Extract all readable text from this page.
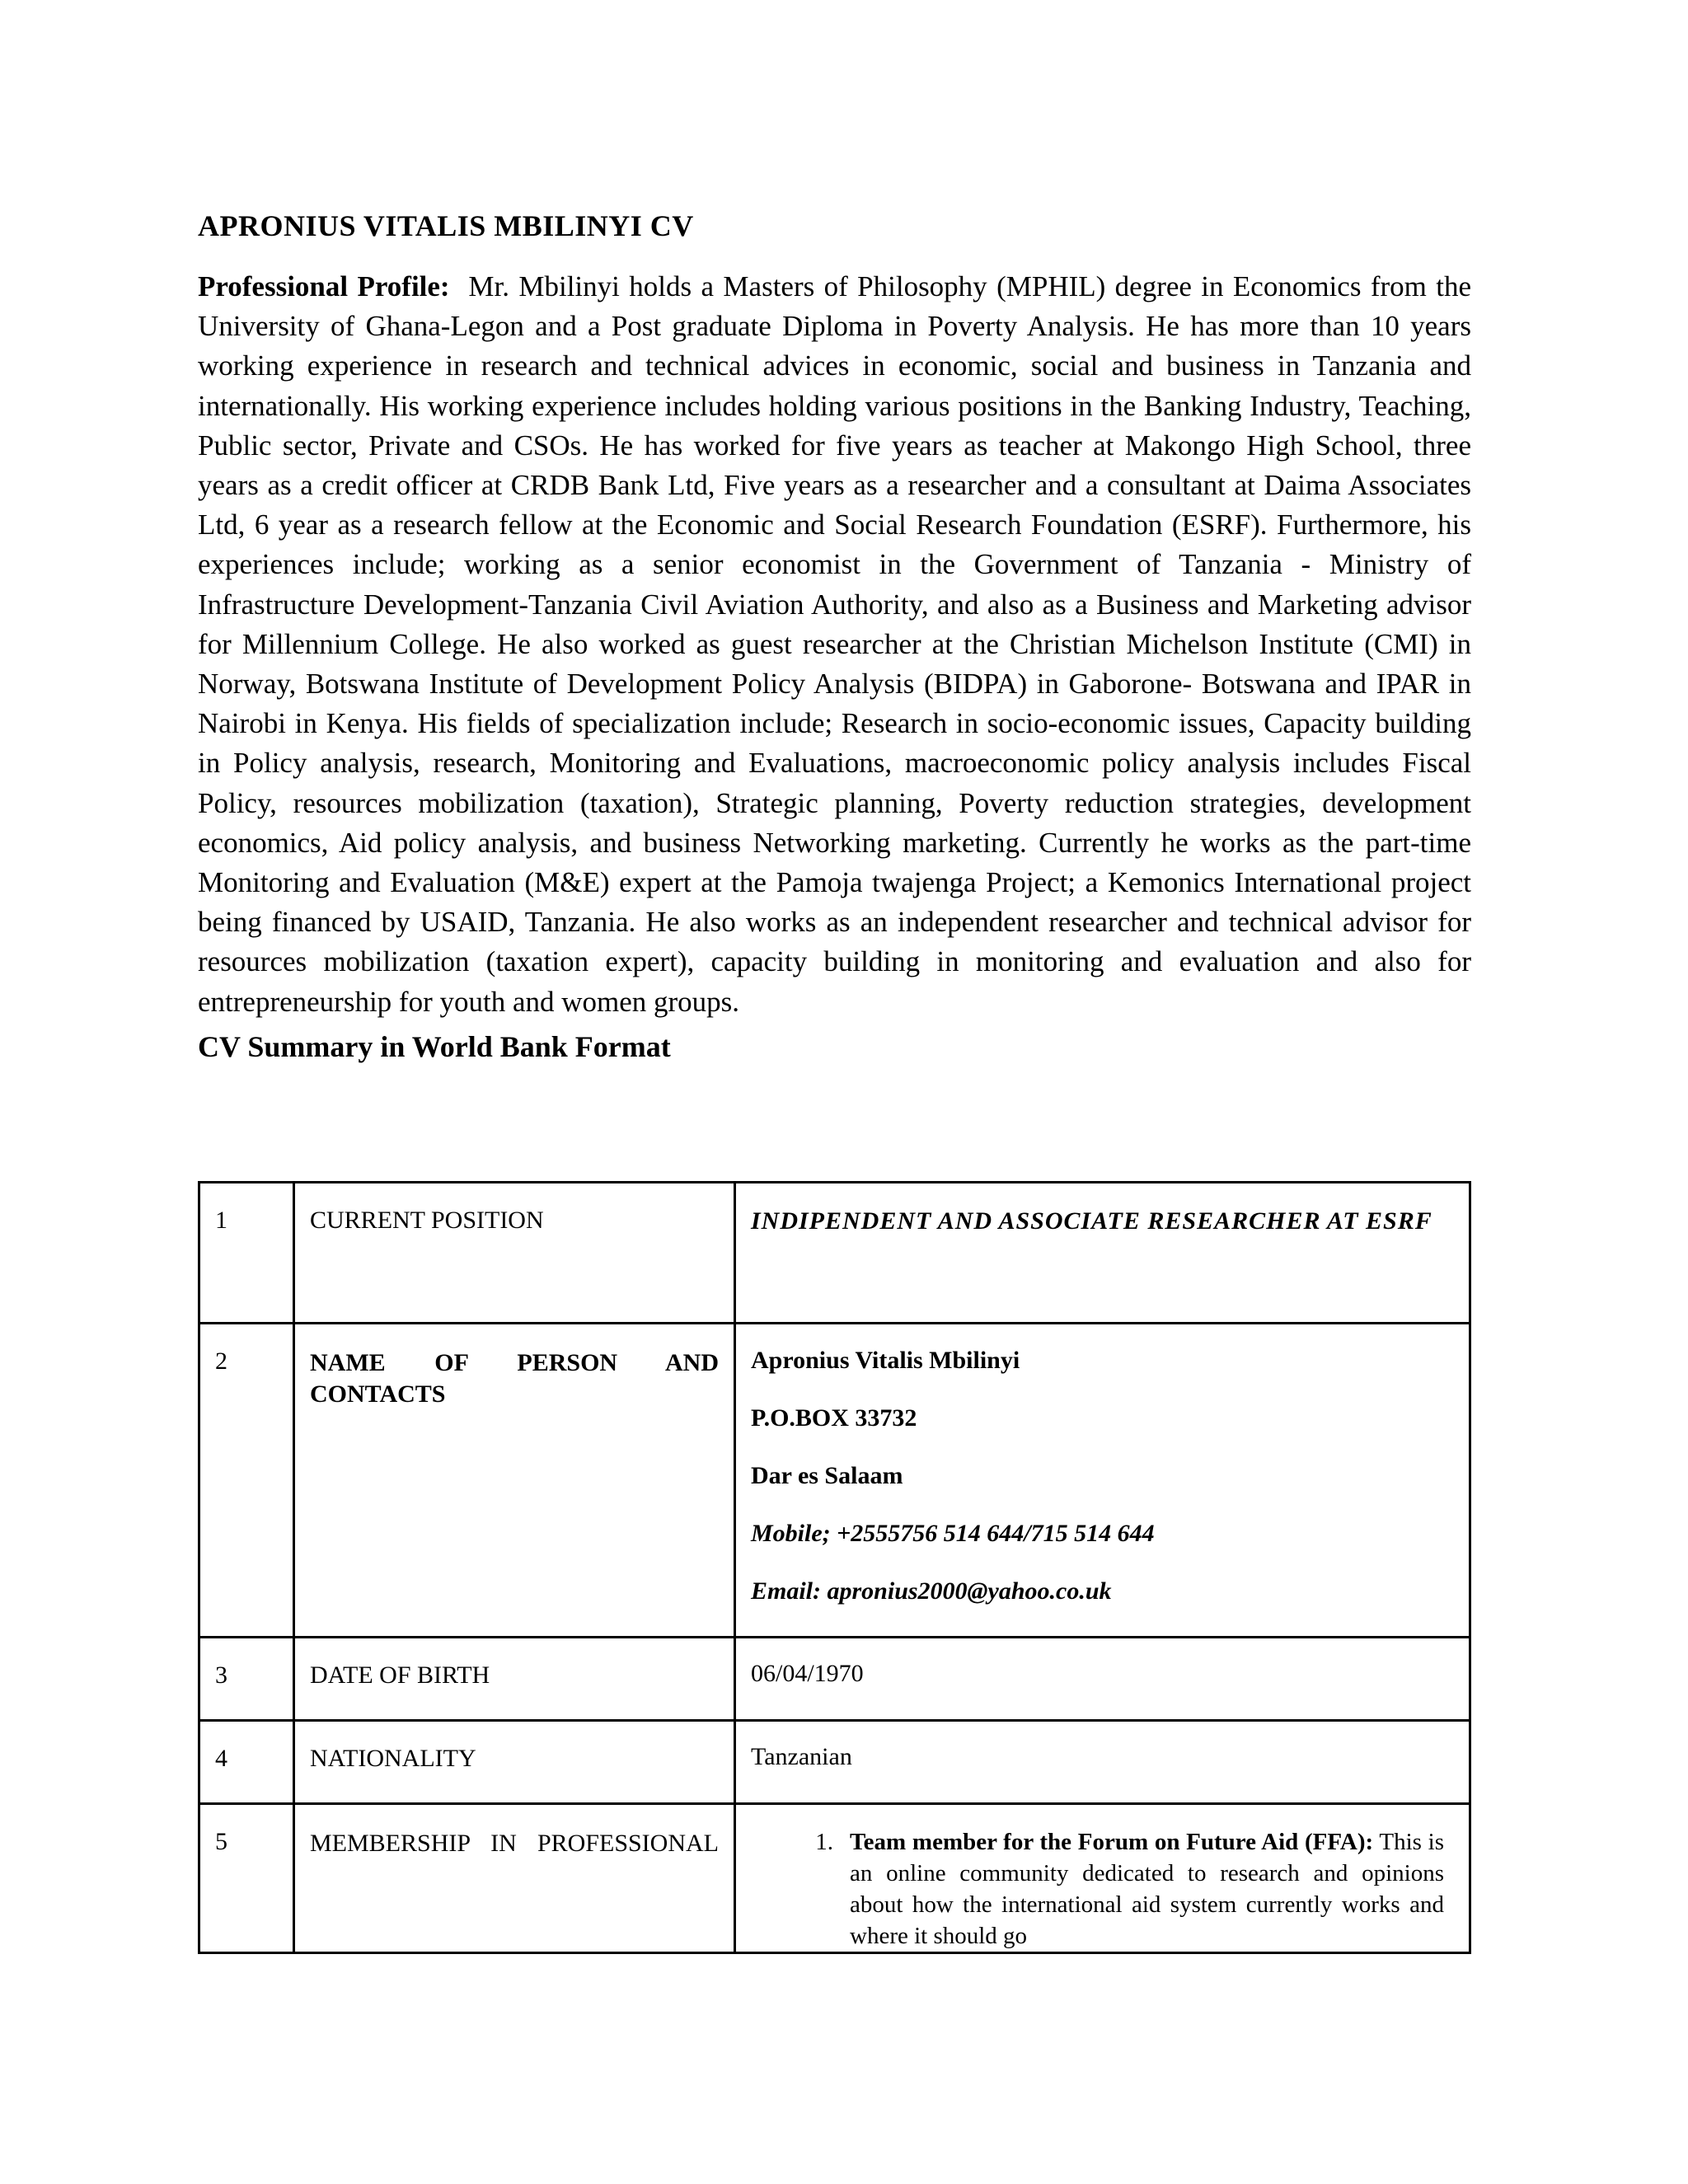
APRONIUS VITALIS MBILINYI CV

Professional Profile: Mr. Mbilinyi holds a Masters of Philosophy (MPHIL) degree in Economics from the University of Ghana-Legon and a Post graduate Diploma in Poverty Analysis. He has more than 10 years working experience in research and technical advices in economic, social and business in Tanzania and internationally. His working experience includes holding various positions in the Banking Industry, Teaching, Public sector, Private and CSOs. He has worked for five years as teacher at Makongo High School, three years as a credit officer at CRDB Bank Ltd, Five years as a researcher and a consultant at Daima Associates Ltd, 6 year as a research fellow at the Economic and Social Research Foundation (ESRF). Furthermore, his experiences include; working as a senior economist in the Government of Tanzania - Ministry of Infrastructure Development-Tanzania Civil Aviation Authority, and also as a Business and Marketing advisor for Millennium College. He also worked as guest researcher at the Christian Michelson Institute (CMI) in Norway, Botswana Institute of Development Policy Analysis (BIDPA) in Gaborone- Botswana and IPAR in Nairobi in Kenya. His fields of specialization include; Research in socio-economic issues, Capacity building in Policy analysis, research, Monitoring and Evaluations, macroeconomic policy analysis includes Fiscal Policy, resources mobilization (taxation), Strategic planning, Poverty reduction strategies, development economics, Aid policy analysis, and business Networking marketing. Currently he works as the part-time Monitoring and Evaluation (M&E) expert at the Pamoja twajenga Project; a Kemonics International project being financed by USAID, Tanzania. He also works as an independent researcher and technical advisor for resources mobilization (taxation expert), capacity building in monitoring and evaluation and also for entrepreneurship for youth and women groups.

CV Summary in World Bank Format
1	CURRENT POSITION	INDIPENDENT AND ASSOCIATE RESEARCHER AT ESRF
2	NAME OF PERSON AND CONTACTS	Apronius Vitalis Mbilinyi

P.O.BOX 33732

Dar es Salaam

Mobile; +2555756 514 644/715 514 644

Email: apronius2000@yahoo.co.uk

3	DATE OF BIRTH	06/04/1970
4	NATIONALITY	Tanzanian
5	MEMBERSHIP IN PROFESSIONAL	1. Team member for the Forum on Future Aid (FFA): This is an online community dedicated to research and opinions about how the international aid system currently works and where it should go
